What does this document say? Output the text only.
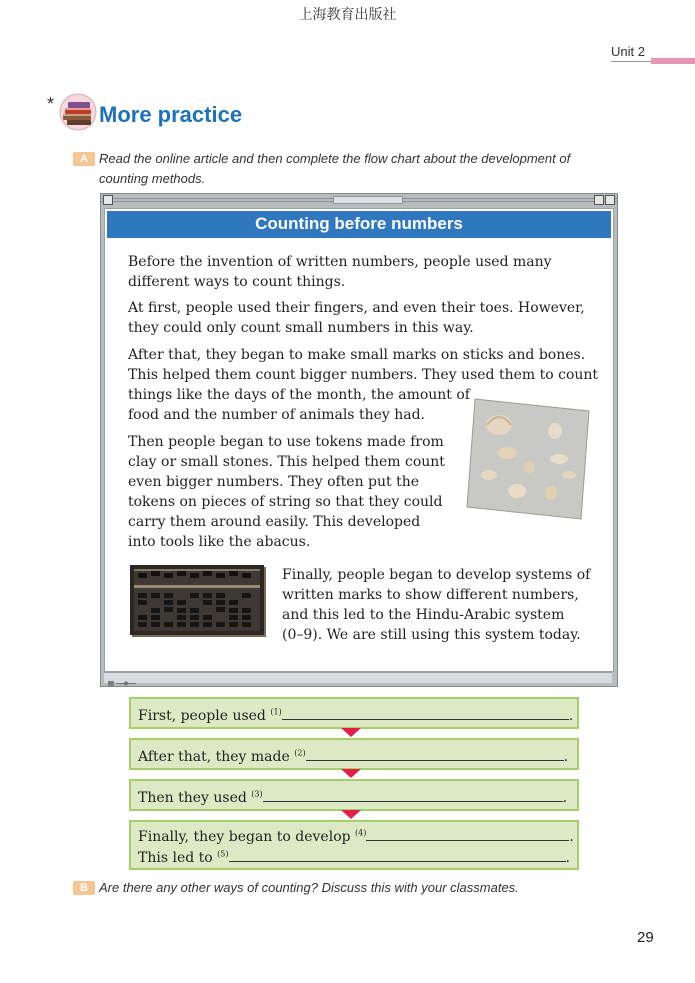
上海教育出版社
Unit 2
* More practice
A Read the online article and then complete the flow chart about the development of
counting methods.
Counting before numbers
Before the invention of written numbers, people used many
different ways to count things.
At first, people used their fingers, and even their toes. However,
they could only count small numbers in this way.
After that, they began to make small marks on sticks and bones.
This helped them count bigger numbers. They used them to count
things like the days of the month, the amount of
food and the number of animals they had.
Then people began to use tokens made from
clay or small stones. This helped them count
even bigger numbers. They often put the
tokens on pieces of string so that they could
carry them around easily. This developed
into tools like the abacus.
Finally, people began to develop systems of
written marks to show different numbers,
and this led to the Hindu-Arabic system
(0–9). We are still using this system today.
First, people used $^{(1)}$	.
After that, they made $^{(2)}$	.
Then they used $^{(3)}$	.
Finally, they began to develop $^{(4)}$	.
This led to $^{(5)}$	.
B Are there any other ways of counting? Discuss this with your classmates.
29
